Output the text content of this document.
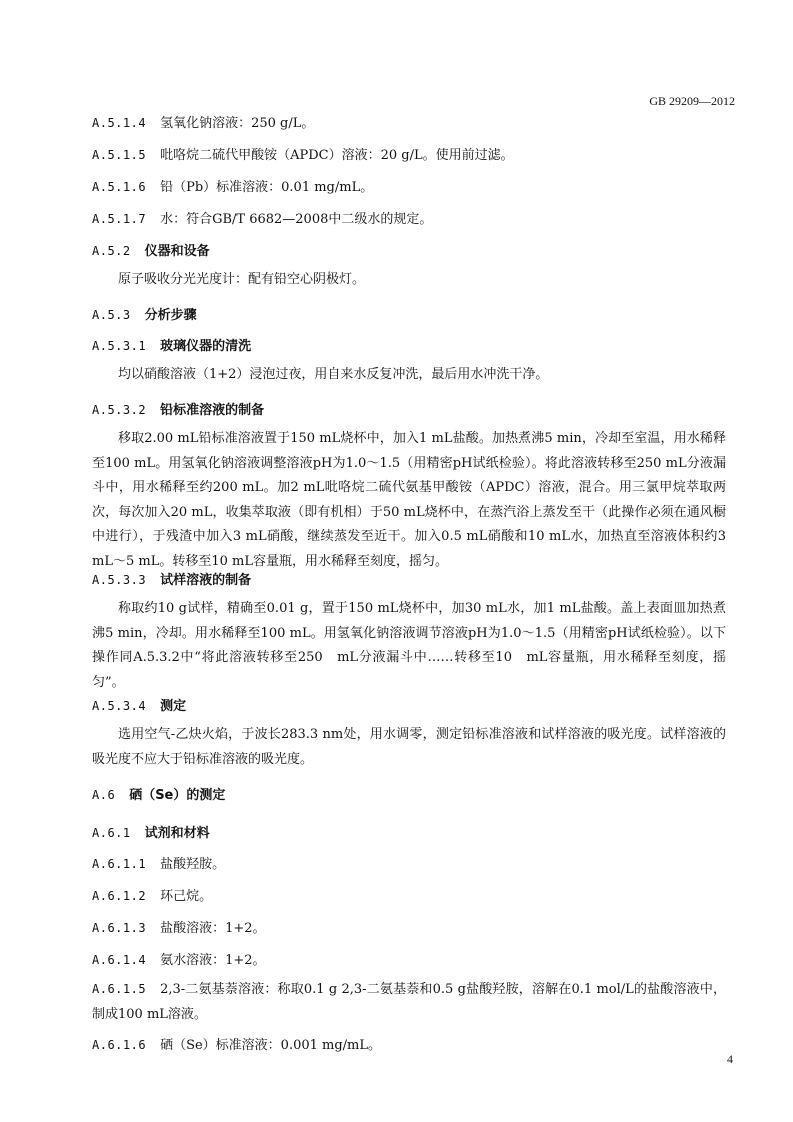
GB 29209—2012
A.5.1.4 氢氧化钠溶液：250 g/L。
A.5.1.5 吡咯烷二硫代甲酸铵（APDC）溶液：20 g/L。使用前过滤。
A.5.1.6 铅（Pb）标准溶液：0.01 mg/mL。
A.5.1.7 水：符合GB/T 6682—2008中二级水的规定。
A.5.2 仪器和设备

原子吸收分光光度计：配有铅空心阴极灯。

A.5.3 分析步骤
A.5.3.1 玻璃仪器的清洗

均以硝酸溶液（1+2）浸泡过夜，用自来水反复冲洗，最后用水冲洗干净。

A.5.3.2 铅标准溶液的制备

移取2.00 mL铅标准溶液置于150 mL烧杯中，加入1 mL盐酸。加热煮沸5 min，冷却至室温，用水稀释至100 mL。用氢氧化钠溶液调整溶液pH为1.0～1.5（用精密pH试纸检验）。将此溶液转移至250 mL分液漏斗中，用水稀释至约200 mL。加2 mL吡咯烷二硫代氨基甲酸铵（APDC）溶液，混合。用三氯甲烷萃取两次，每次加入20 mL，收集萃取液（即有机相）于50 mL烧杯中，在蒸汽浴上蒸发至干（此操作必须在通风橱中进行），于残渣中加入3 mL硝酸，继续蒸发至近干。加入0.5 mL硝酸和10 mL水，加热直至溶液体积约3 mL～5 mL。转移至10 mL容量瓶，用水稀释至刻度，摇匀。

A.5.3.3 试样溶液的制备

称取约10 g试样，精确至0.01 g，置于150 mL烧杯中，加30 mL水，加1 mL盐酸。盖上表面皿加热煮沸5 min，冷却。用水稀释至100 mL。用氢氧化钠溶液调节溶液pH为1.0～1.5（用精密pH试纸检验）。以下操作同A.5.3.2中“将此溶液转移至250　mL分液漏斗中……转移至10　mL容量瓶，用水稀释至刻度，摇匀”。

A.5.3.4 测定

选用空气-乙炔火焰，于波长283.3 nm处，用水调零，测定铅标准溶液和试样溶液的吸光度。试样溶液的吸光度不应大于铅标准溶液的吸光度。

A.6 硒（Se）的测定
A.6.1 试剂和材料
A.6.1.1 盐酸羟胺。
A.6.1.2 环己烷。
A.6.1.3 盐酸溶液：1+2。
A.6.1.4 氨水溶液：1+2。

A.6.1.5 2,3-二氨基萘溶液：称取0.1 g 2,3-二氨基萘和0.5 g盐酸羟胺，溶解在0.1 mol/L的盐酸溶液中，制成100 mL溶液。

A.6.1.6 硒（Se）标准溶液：0.001 mg/mL。
4
